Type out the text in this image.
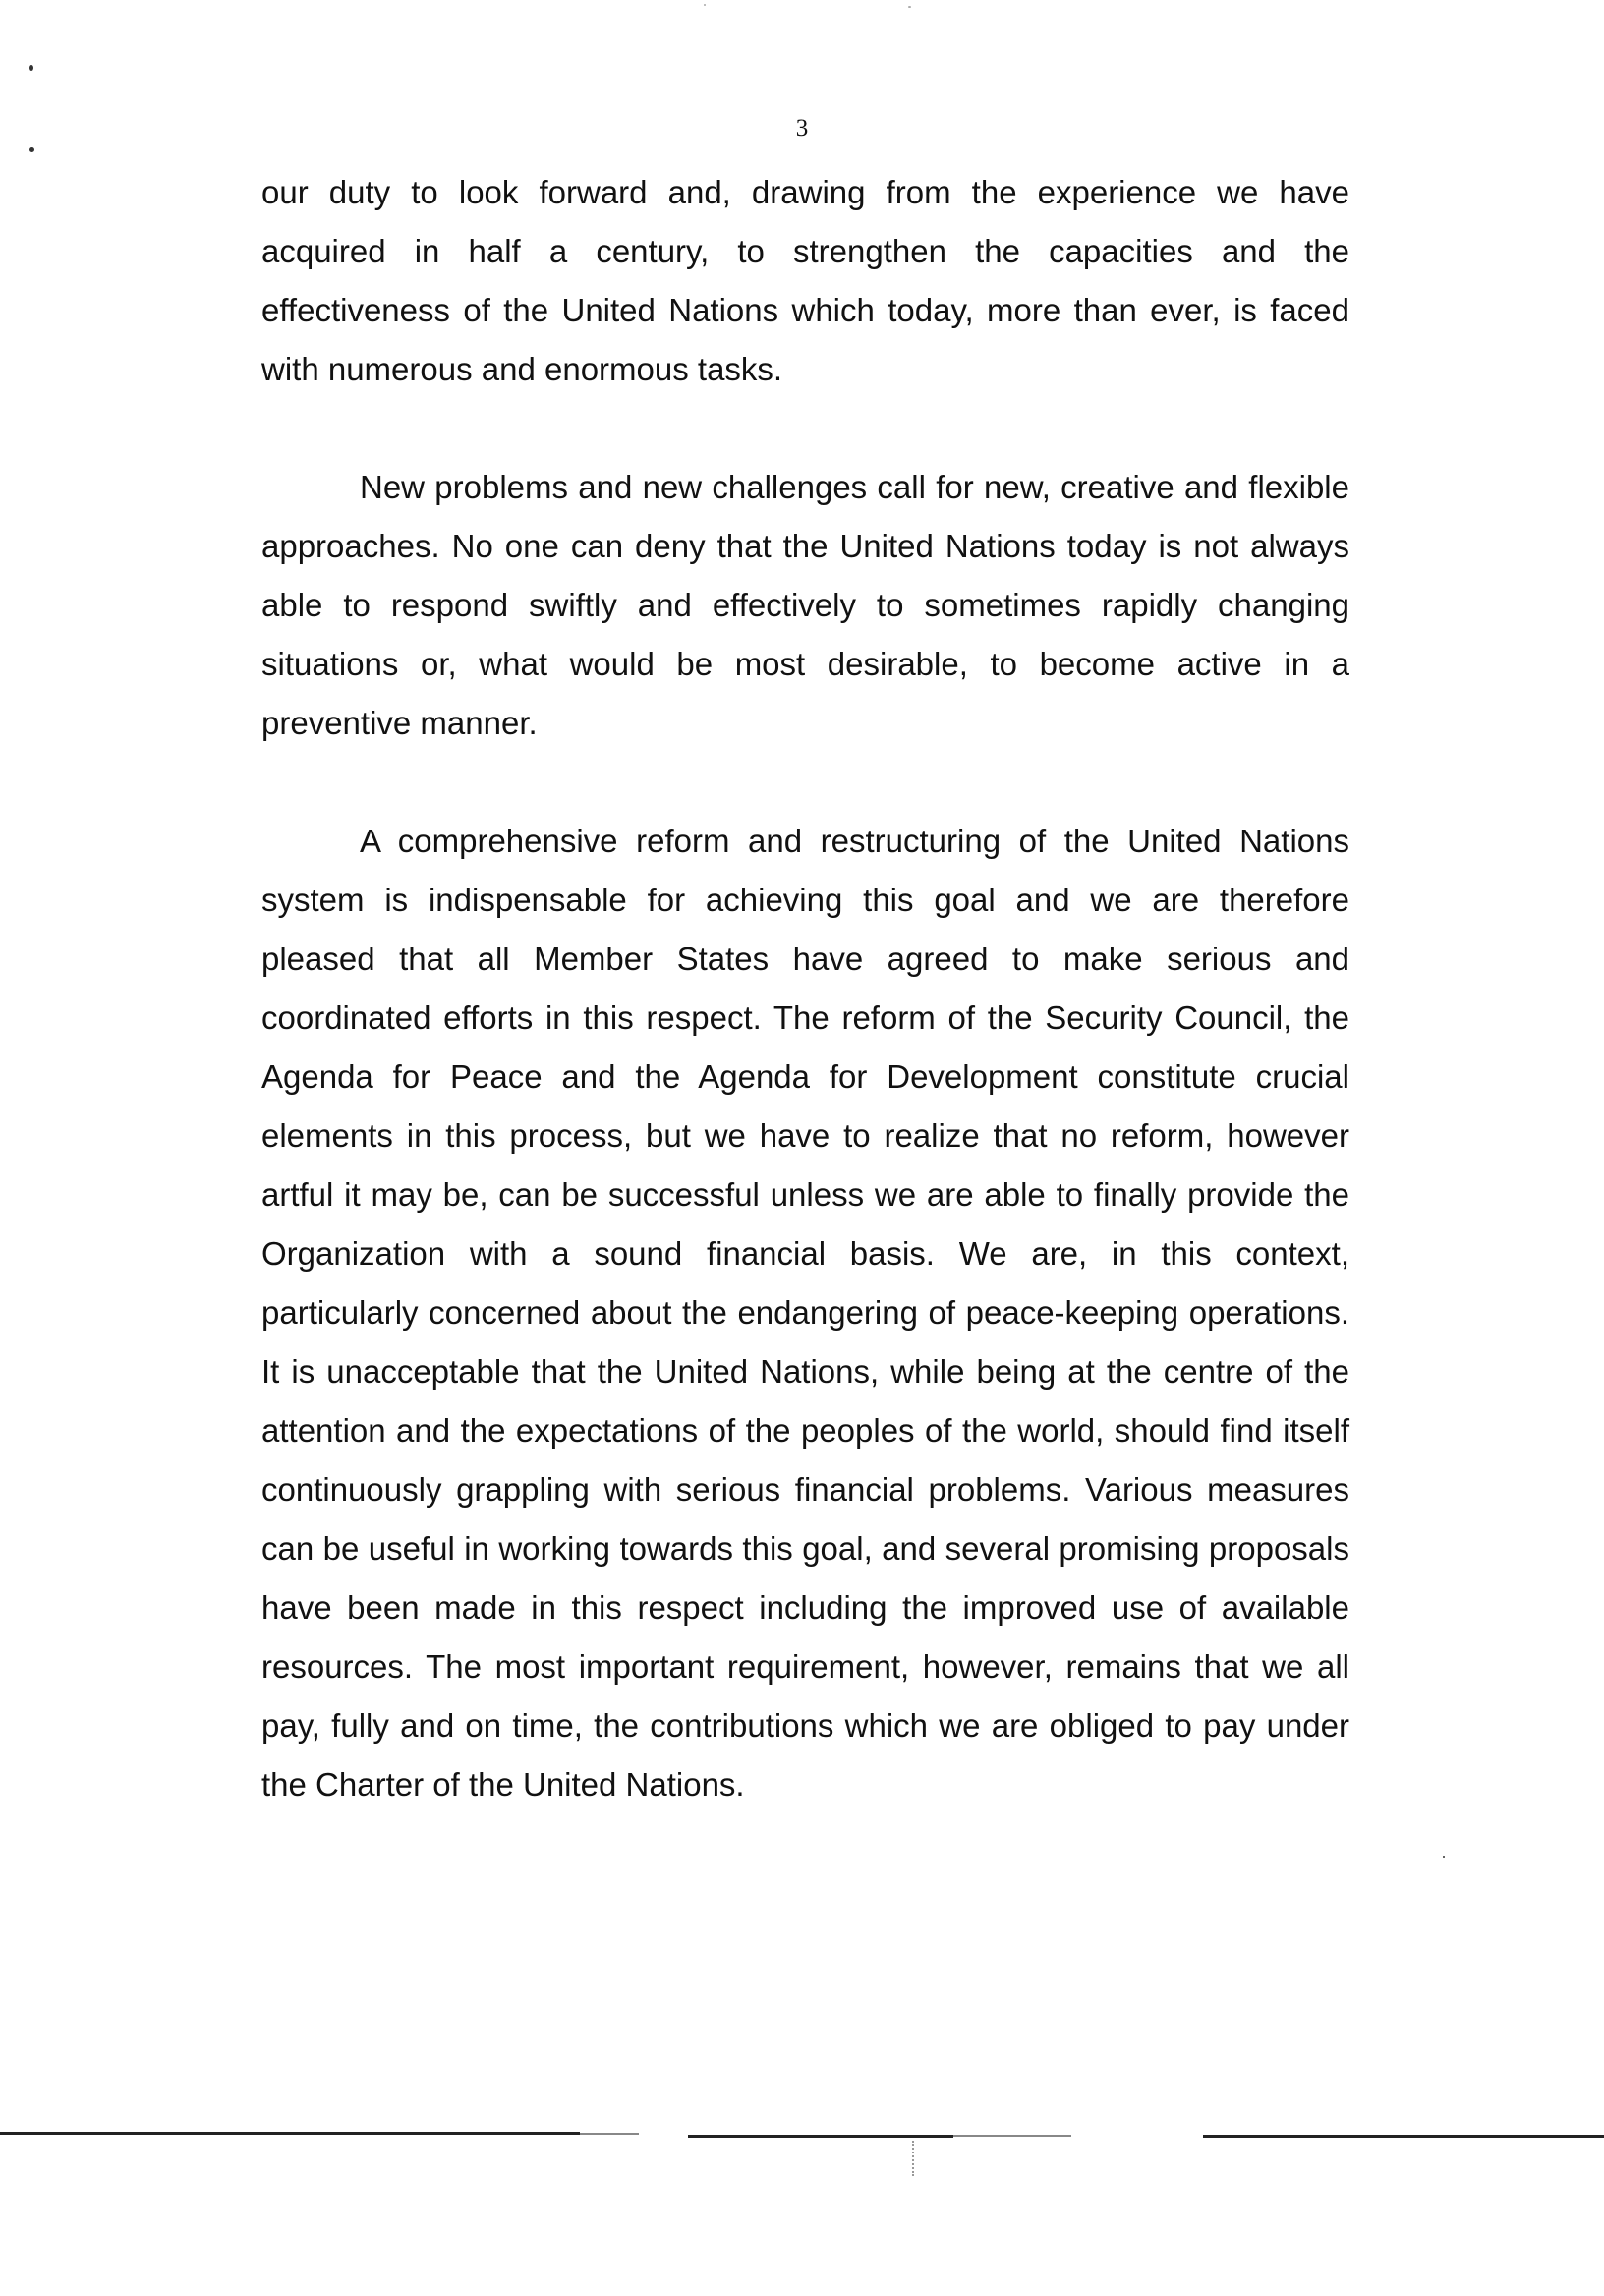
3

our duty to look forward and, drawing from the experience we have acquired in half a century, to strengthen the capacities and the effectiveness of the United Nations which today, more than ever, is faced with numerous and enormous tasks.

New problems and new challenges call for new, creative and flexible approaches. No one can deny that the United Nations today is not always able to respond swiftly and effectively to sometimes rapidly changing situations or, what would be most desirable, to become active in a preventive manner.

A comprehensive reform and restructuring of the United Nations system is indispensable for achieving this goal and we are therefore pleased that all Member States have agreed to make serious and coordinated efforts in this respect. The reform of the Security Council, the Agenda for Peace and the Agenda for Development constitute crucial elements in this process, but we have to realize that no reform, however artful it may be, can be successful unless we are able to finally provide the Organization with a sound financial basis. We are, in this context, particularly concerned about the endangering of peace-keeping operations. It is unacceptable that the United Nations, while being at the centre of the attention and the expectations of the peoples of the world, should find itself continuously grappling with serious financial problems. Various measures can be useful in working towards this goal, and several promising proposals have been made in this respect including the improved use of available resources. The most important requirement, however, remains that we all pay, fully and on time, the contributions which we are obliged to pay under the Charter of the United Nations.
